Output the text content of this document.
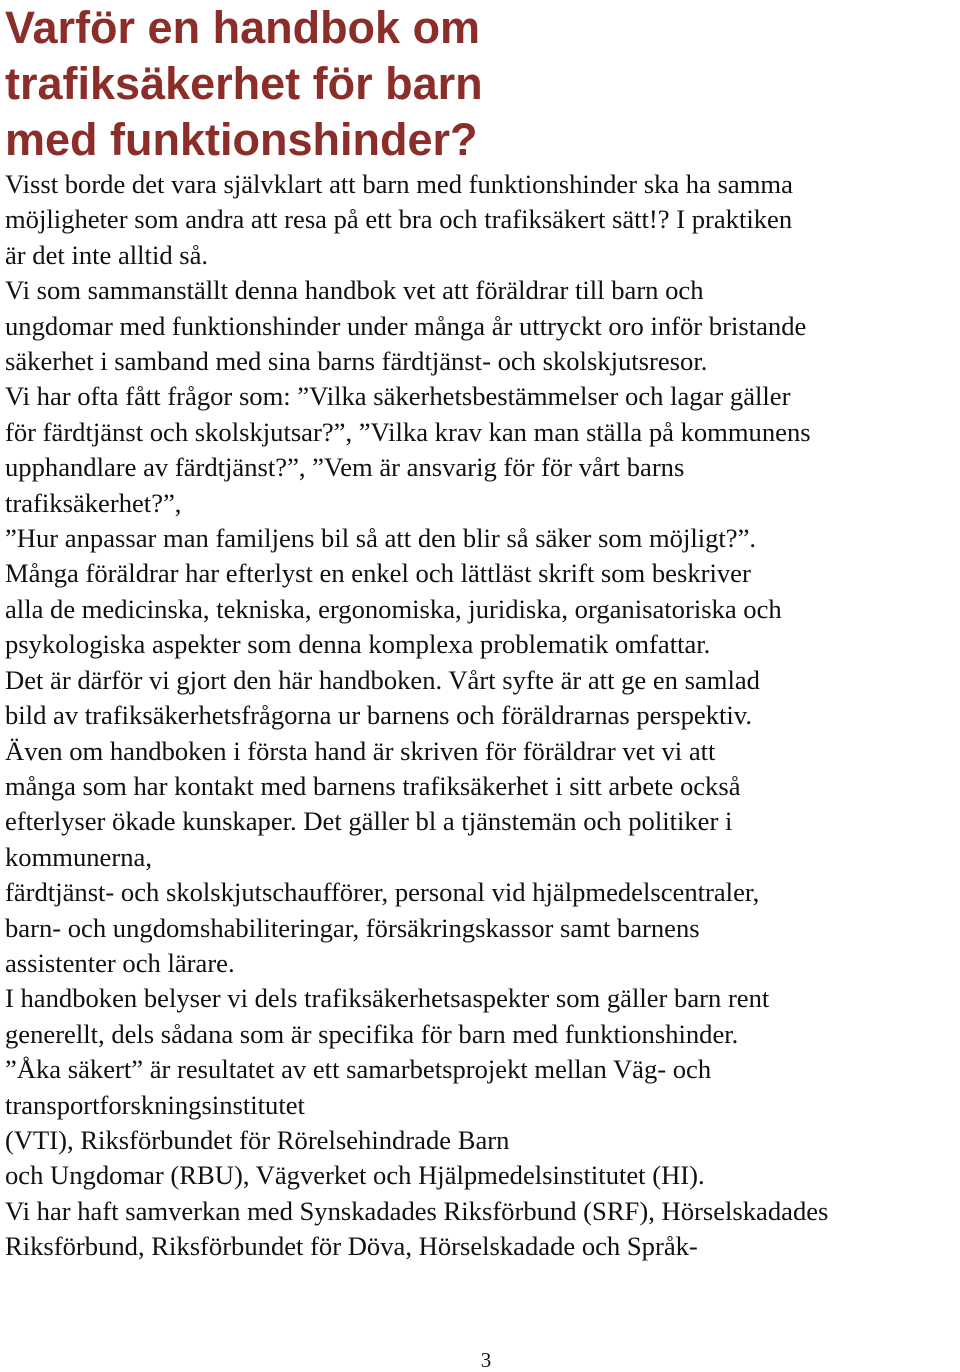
Varför en handbok om
trafiksäkerhet för barn
med funktionshinder?
Visst borde det vara självklart att barn med funktionshinder ska ha samma
möjligheter som andra att resa på ett bra och trafiksäkert sätt!? I praktiken
är det inte alltid så.
Vi som sammanställt denna handbok vet att föräldrar till barn och
ungdomar med funktionshinder under många år uttryckt oro inför bristande
säkerhet i samband med sina barns färdtjänst- och skolskjutsresor.
Vi har ofta fått frågor som: ”Vilka säkerhetsbestämmelser och lagar gäller
för färdtjänst och skolskjutsar?”, ”Vilka krav kan man ställa på kommunens
upphandlare av färdtjänst?”, ”Vem är ansvarig för för vårt barns
trafiksäkerhet?”,
”Hur anpassar man familjens bil så att den blir så säker som möjligt?”.
Många föräldrar har efterlyst en enkel och lättläst skrift som beskriver
alla de medicinska, tekniska, ergonomiska, juridiska, organisatoriska och
psykologiska aspekter som denna komplexa problematik omfattar.
Det är därför vi gjort den här handboken. Vårt syfte är att ge en samlad
bild av trafiksäkerhetsfrågorna ur barnens och föräldrarnas perspektiv.
Även om handboken i första hand är skriven för föräldrar vet vi att
många som har kontakt med barnens trafiksäkerhet i sitt arbete också
efterlyser ökade kunskaper. Det gäller bl a tjänstemän och politiker i
kommunerna,
färdtjänst- och skolskjutschaufförer, personal vid hjälpmedelscentraler,
barn- och ungdomshabiliteringar, försäkringskassor samt barnens
assistenter och lärare.
I handboken belyser vi dels trafiksäkerhetsaspekter som gäller barn rent
generellt, dels sådana som är specifika för barn med funktionshinder.
”Åka säkert” är resultatet av ett samarbetsprojekt mellan Väg- och
transportforskningsinstitutet
(VTI), Riksförbundet för Rörelsehindrade Barn
och Ungdomar (RBU), Vägverket och Hjälpmedelsinstitutet (HI).
Vi har haft samverkan med Synskadades Riksförbund (SRF), Hörselskadades
Riksförbund, Riksförbundet för Döva, Hörselskadade och Språk-
3
